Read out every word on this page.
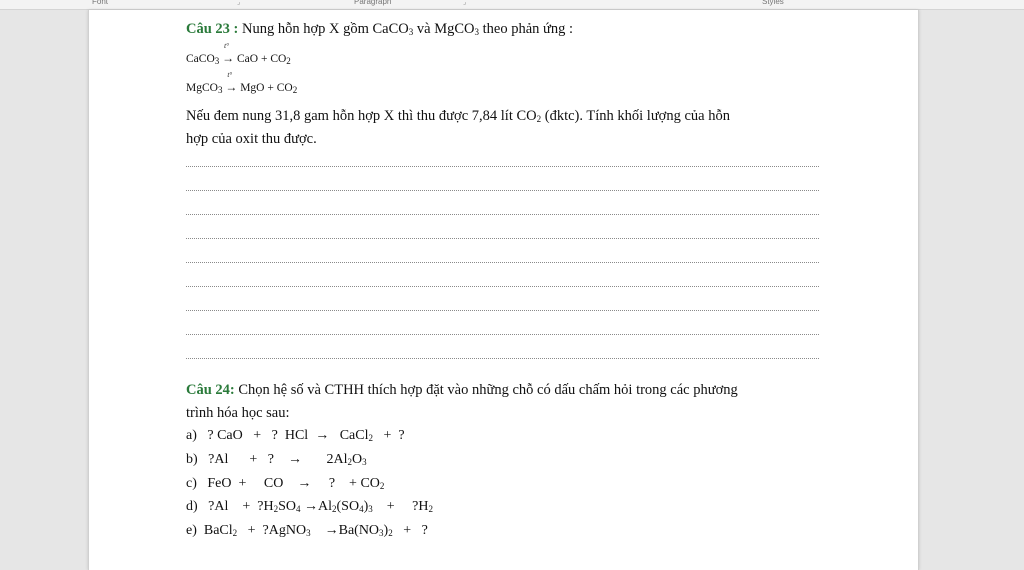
Font	⌟	Paragraph	⌟	Styles
Câu 23 : Nung hỗn hợp X gồm CaCO$_3$ và MgCO$_3$ theo phản ứng :
CaCO$_3$
t°
→ CaO + $CO_2$
MgCO$_3$
t°
→ MgO + $CO_2$
Nếu đem nung 31,8 gam hỗn hợp X thì thu được 7,84 lít $CO_2$ (đktc). Tính khối lượng của hỗn
hợp của oxit thu được.
Câu 24: Chọn hệ số và CTHH thích hợp đặt vào những chỗ có dấu chấm hỏi trong các phương
trình hóa học sau:
a)   ? CaO   +   ?  HCl  →   CaCl$_2$   +  ?
b)   ?Al      +   ?    →       $2Al_2O_3$
c)   FeO  +     CO    →     ?    + $CO_2$
d)   ?Al    +  $?H_2SO_4 \to Al_2(SO_4)_3$    +     $?H_2$
e)  BaCl$_2$   +  ?AgNO$_3$    $\to Ba(NO_3)_2$   +   ?
